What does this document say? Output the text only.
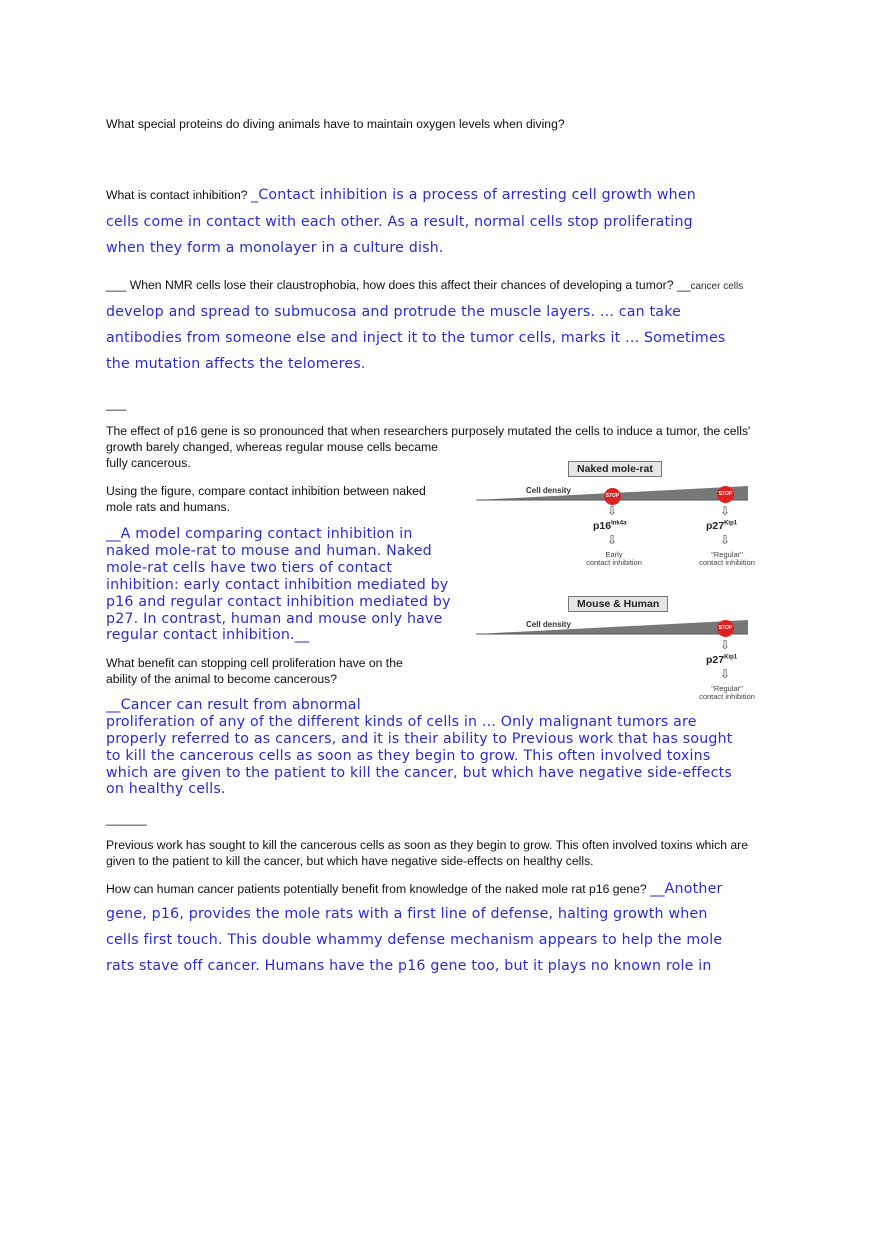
What special proteins do diving animals have to maintain oxygen levels when diving?
What is contact inhibition? _Contact inhibition is a process of arresting cell growth when
cells come in contact with each other. As a result, normal cells stop proliferating
when they form a monolayer in a culture dish.
___ When NMR cells lose their claustrophobia, how does this affect their chances of developing a tumor? __cancer cells
develop and spread to submucosa and protrude the muscle layers. ... can take
antibodies from someone else and inject it to the tumor cells, marks it ... Sometimes
the mutation affects the telomeres.
___
The effect of p16 gene is so pronounced that when researchers purposely mutated the cells to induce a tumor, the cells'
growth barely changed, whereas regular mouse cells became
fully cancerous.
Using the figure, compare contact inhibition between naked
mole rats and humans.
__A model comparing contact inhibition in
naked mole-rat to mouse and human. Naked
mole-rat cells have two tiers of contact
inhibition: early contact inhibition mediated by
p16 and regular contact inhibition mediated by
p27. In contrast, human and mouse only have
regular contact inhibition.__
What benefit can stopping cell proliferation have on the
ability of the animal to become cancerous?
__Cancer can result from abnormal
proliferation of any of the different kinds of cells in ... Only malignant tumors are
properly referred to as cancers, and it is their ability to Previous work that has sought
to kill the cancerous cells as soon as they begin to grow. This often involved toxins
which are given to the patient to kill the cancer, but which have negative side-effects
on healthy cells.
______
Previous work has sought to kill the cancerous cells as soon as they begin to grow. This often involved toxins which are
given to the patient to kill the cancer, but which have negative side-effects on healthy cells.
How can human cancer patients potentially benefit from knowledge of the naked mole rat p16 gene? __Another
gene, p16, provides the mole rats with a first line of defense, halting growth when
cells first touch. This double whammy defense mechanism appears to help the mole
rats stave off cancer. Humans have the p16 gene too, but it plays no known role in
Naked mole-rat
Cell density
STOP	STOP
⇩	⇩
$p16^{Ink4a}$	$p27^{Kip1}$
⇩	⇩
Early
contact inhibition
"Regular"
contact inhibition
Mouse & Human
Cell density	STOP
⇩
$p27^{Kip1}$
⇩
"Regular"
contact inhibition
